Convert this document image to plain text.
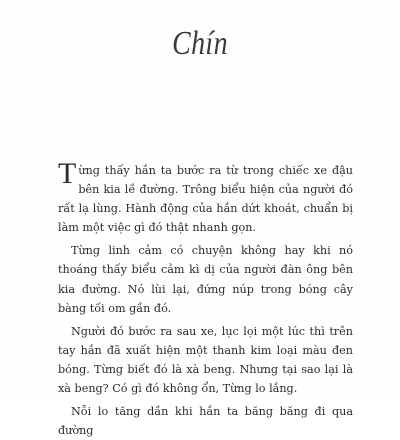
Chín

Từng thấy hắn ta bước ra từ trong chiếc xe đậu bên kia lề đường. Trông biểu hiện của người đó rất lạ lùng. Hành động của hắn dứt khoát, chuẩn bị làm một việc gì đó thật nhanh gọn.

Từng linh cảm có chuyện không hay khi nó thoáng thấy biểu cảm kì dị của người đàn ông bên kia đường. Nó lùi lại, đứng núp trong bóng cây bàng tối om gần đó.

Người đó bước ra sau xe, lục lọi một lúc thì trên tay hắn đã xuất hiện một thanh kim loại màu đen bóng. Từng biết đó là xà beng. Nhưng tại sao lại là xà beng? Có gì đó không ổn, Từng lo lắng.

Nỗi lo tăng dần khi hắn ta băng băng đi qua đường
